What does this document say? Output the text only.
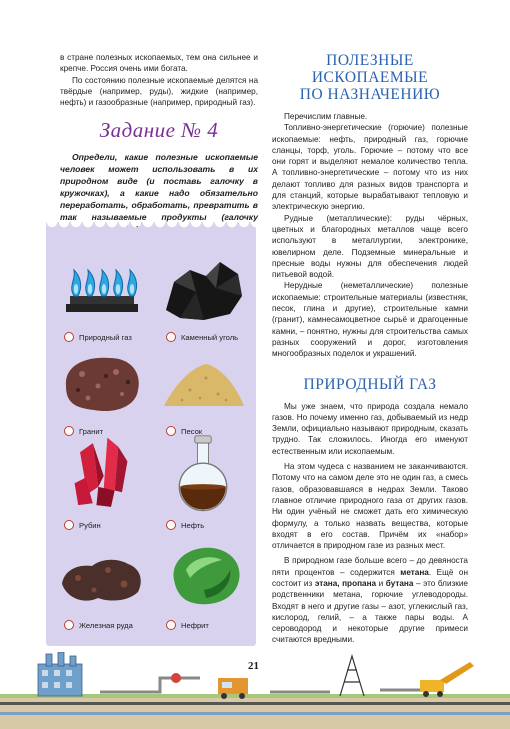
в стране полезных ископаемых, тем она сильнее и крепче. Россия очень ими богата.

По состоянию полезные ископаемые делятся на твёрдые (например, руды), жидкие (например, нефть) и газообразные (например, природный газ).

Задание № 4

Определи, какие полезные ископаемые человек может использовать в их природном виде (и поставь галочку в кружочках), а какие надо обязательно переработать, обработать, превратить в так называемые продукты (галочку

Природный газ	Каменный уголь
Гранит	Песок
Рубин	Нефть
Железная руда	Нефрит
ПОЛЕЗНЫЕ ИСКОПАЕМЫЕ
ПО НАЗНАЧЕНИЮ

Перечислим главные.

Топливно-энергетические (горючие) полезные ископаемые: нефть, природный газ, горючие сланцы, торф, уголь. Горючие – потому что все они горят и выделяют немалое количество тепла. А топливно-энергетические – потому что из них делают топливо для разных видов транспорта и для станций, которые вырабатывают тепловую и электрическую энергию.

Рудные (металлические): руды чёрных, цветных и благородных металлов чаще всего используют в металлургии, электронике, ювелирном деле. Подземные минеральные и пресные воды нужны для обеспечения людей питьевой водой.

Нерудные (неметаллические) полезные ископаемые: строительные материалы (известняк, песок, глина и другие), строительные камни (гранит), камнесамоцветное сырьё и драгоценные камни, – понятно, нужны для строительства самых разных сооружений и дорог, изготовления многообразных поделок и украшений.

ПРИРОДНЫЙ ГАЗ

Мы уже знаем, что природа создала немало газов. Но почему именно газ, добываемый из недр Земли, официально называют природным, сказать трудно. Так сложилось. Иногда его именуют естественным или ископаемым.

На этом чудеса с названием не заканчиваются. Потому что на самом деле это не один газ, а смесь газов, образовавшаяся в недрах Земли. Таково главное отличие природного газа от других газов. Ни один учёный не сможет дать его химическую формулу, а только назвать вещества, которые входят в его состав. Причём их «набор» отличается в природном газе из разных мест.

В природном газе больше всего – до девяноста пяти процентов – содержится метана. Ещё он состоит из этана, пропана и бутана – это близкие родственники метана, горючие углеводороды. Входят в него и другие газы – азот, углекислый газ, кислород, гелий, – а также пары воды. А сероводород и некоторые другие примеси считаются вредными.

21
